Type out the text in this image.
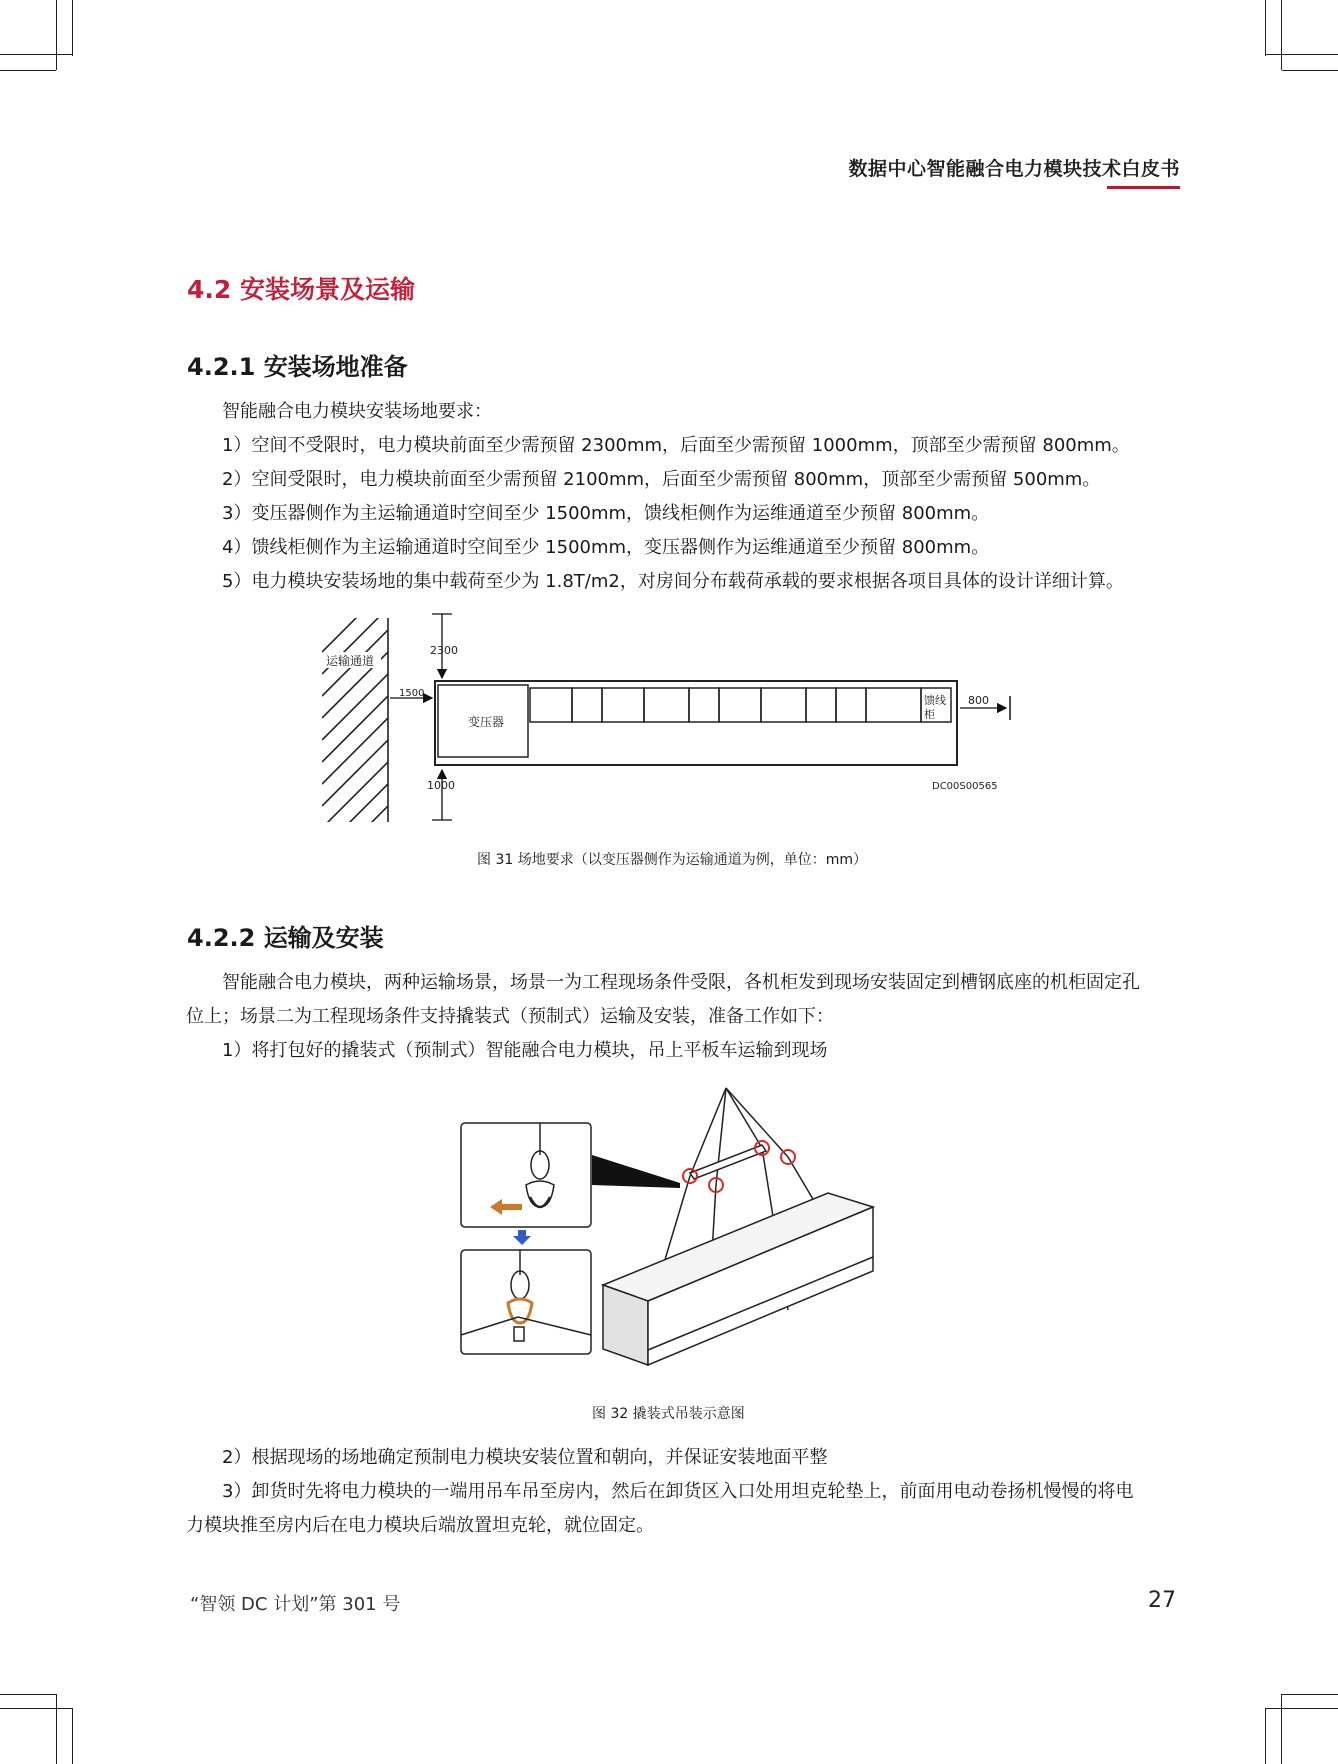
数据中心智能融合电力模块技术白皮书
4.2 安装场景及运输
4.2.1 安装场地准备
智能融合电力模块安装场地要求：
1）空间不受限时，电力模块前面至少需预留 2300mm，后面至少需预留 1000mm，顶部至少需预留 800mm。
2）空间受限时，电力模块前面至少需预留 2100mm，后面至少需预留 800mm，顶部至少需预留 500mm。
3）变压器侧作为主运输通道时空间至少 1500mm，馈线柜侧作为运维通道至少预留 800mm。
4）馈线柜侧作为主运输通道时空间至少 1500mm，变压器侧作为运维通道至少预留 800mm。
5）电力模块安装场地的集中载荷至少为 1.8T/m2，对房间分布载荷承载的要求根据各项目具体的设计详细计算。
运输通道
变压器
馈线
柜
2300
1500
800
1000	DC00S00565
图 31 场地要求（以变压器侧作为运输通道为例，单位：mm）
4.2.2 运输及安装
智能融合电力模块，两种运输场景，场景一为工程现场条件受限，各机柜发到现场安装固定到槽钢底座的机柜固定孔位上；场景二为工程现场条件支持撬装式（预制式）运输及安装，准备工作如下：
1）将打包好的撬装式（预制式）智能融合电力模块，吊上平板车运输到现场
图 32 撬装式吊装示意图
2）根据现场的场地确定预制电力模块安装位置和朝向，并保证安装地面平整
3）卸货时先将电力模块的一端用吊车吊至房内，然后在卸货区入口处用坦克轮垫上，前面用电动卷扬机慢慢的将电力模块推至房内后在电力模块后端放置坦克轮，就位固定。
“智领 DC 计划”第 301 号	27
